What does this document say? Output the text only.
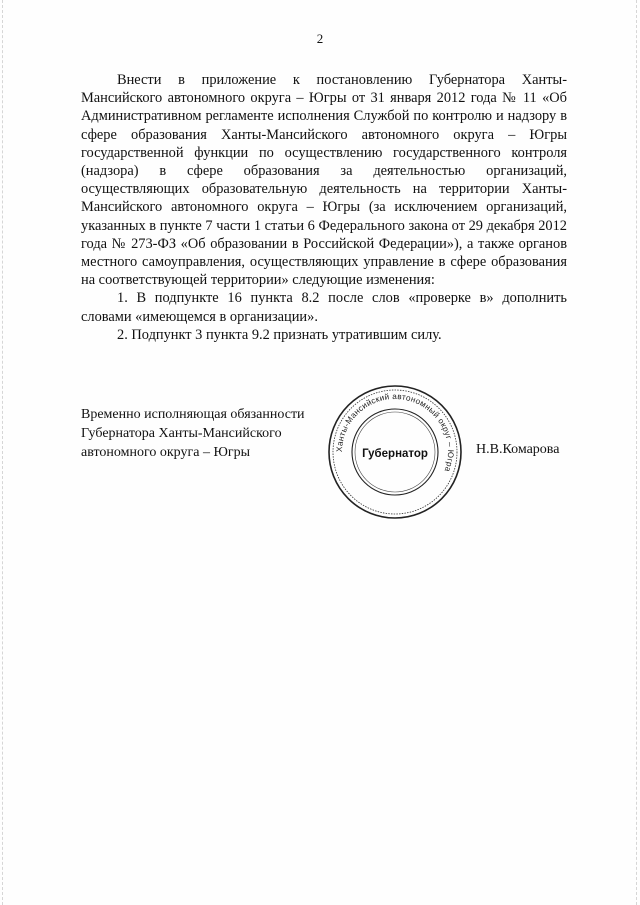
2

Внести в приложение к постановлению Губернатора Ханты-Мансийского автономного округа – Югры от 31 января 2012 года № 11 «Об Административном регламенте исполнения Службой по контролю и надзору в сфере образования Ханты-Мансийского автономного округа – Югры государственной функции по осуществлению государственного контроля (надзора) в сфере образования за деятельностью организаций, осуществляющих образовательную деятельность на территории Ханты-Мансийского автономного округа – Югры (за исключением организаций, указанных в пункте 7 части 1 статьи 6 Федерального закона от 29 декабря 2012 года № 273-ФЗ «Об образовании в Российской Федерации»), а также органов местного самоуправления, осуществляющих управление в сфере образования на соответствующей территории» следующие изменения:

1. В подпункте 16 пункта 8.2 после слов «проверке в» дополнить словами «имеющемся в организации».

2. Подпункт 3 пункта 9.2 признать утратившим силу.

Временно исполняющая обязанности
Губернатора Ханты-Мансийского
автономного округа – Югры	Ханты-Мансийский автономный округ – Югра
Губернатор	Н.В.Комарова
